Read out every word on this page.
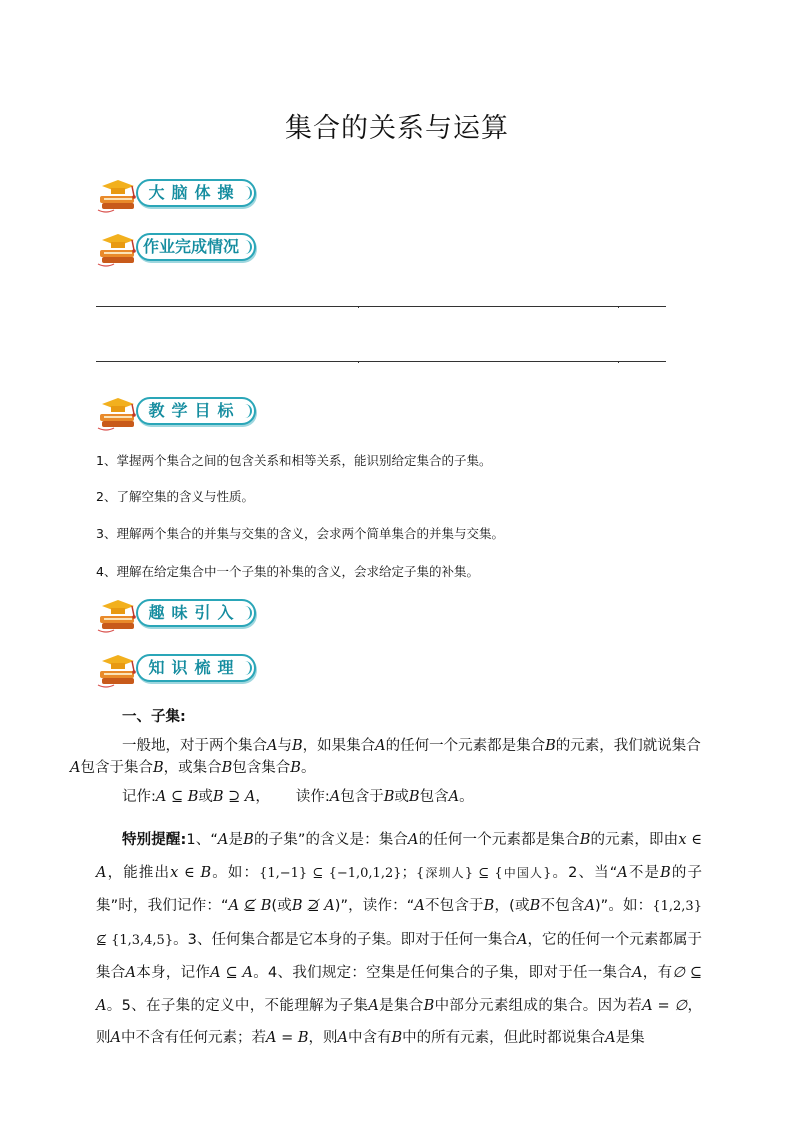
集合的关系与运算
大脑体操
作业完成情况
教学目标
1、掌握两个集合之间的包含关系和相等关系，能识别给定集合的子集。
2、了解空集的含义与性质。
3、理解两个集合的并集与交集的含义，会求两个简单集合的并集与交集。
4、理解在给定集合中一个子集的补集的含义，会求给定子集的补集。
趣味引入
知识梳理
一、子集:
一般地，对于两个集合A与B，如果集合A的任何一个元素都是集合B的元素，我们就说集合
A包含于集合B，或集合B包含集合B。
记作:A ⊆ B或B ⊇ A， 读作:A包含于B或B包含A。
特别提醒:1、“A是B的子集”的含义是：集合A的任何一个元素都是集合B的元素，即由x ∈ A，能推出x ∈ B。如：{1,−1} ⊆ {−1,0,1,2}；{深圳人} ⊆ {中国人}。2、当“A不是B的子集”时，我们记作：“A ⊈ B(或B ⊉ A)”，读作：“A不包含于B，(或B不包含A)”。如：{1,2,3} ⊈ {1,3,4,5}。3、任何集合都是它本身的子集。即对于任何一集合A，它的任何一个元素都属于集合A本身，记作A ⊆ A。4、我们规定：空集是任何集合的子集，即对于任一集合A，有∅ ⊆ A。5、在子集的定义中，不能理解为子集A是集合B中部分元素组成的集合。因为若A = ∅，则A中不含有任何元素；若A = B，则A中含有B中的所有元素，但此时都说集合A是集
